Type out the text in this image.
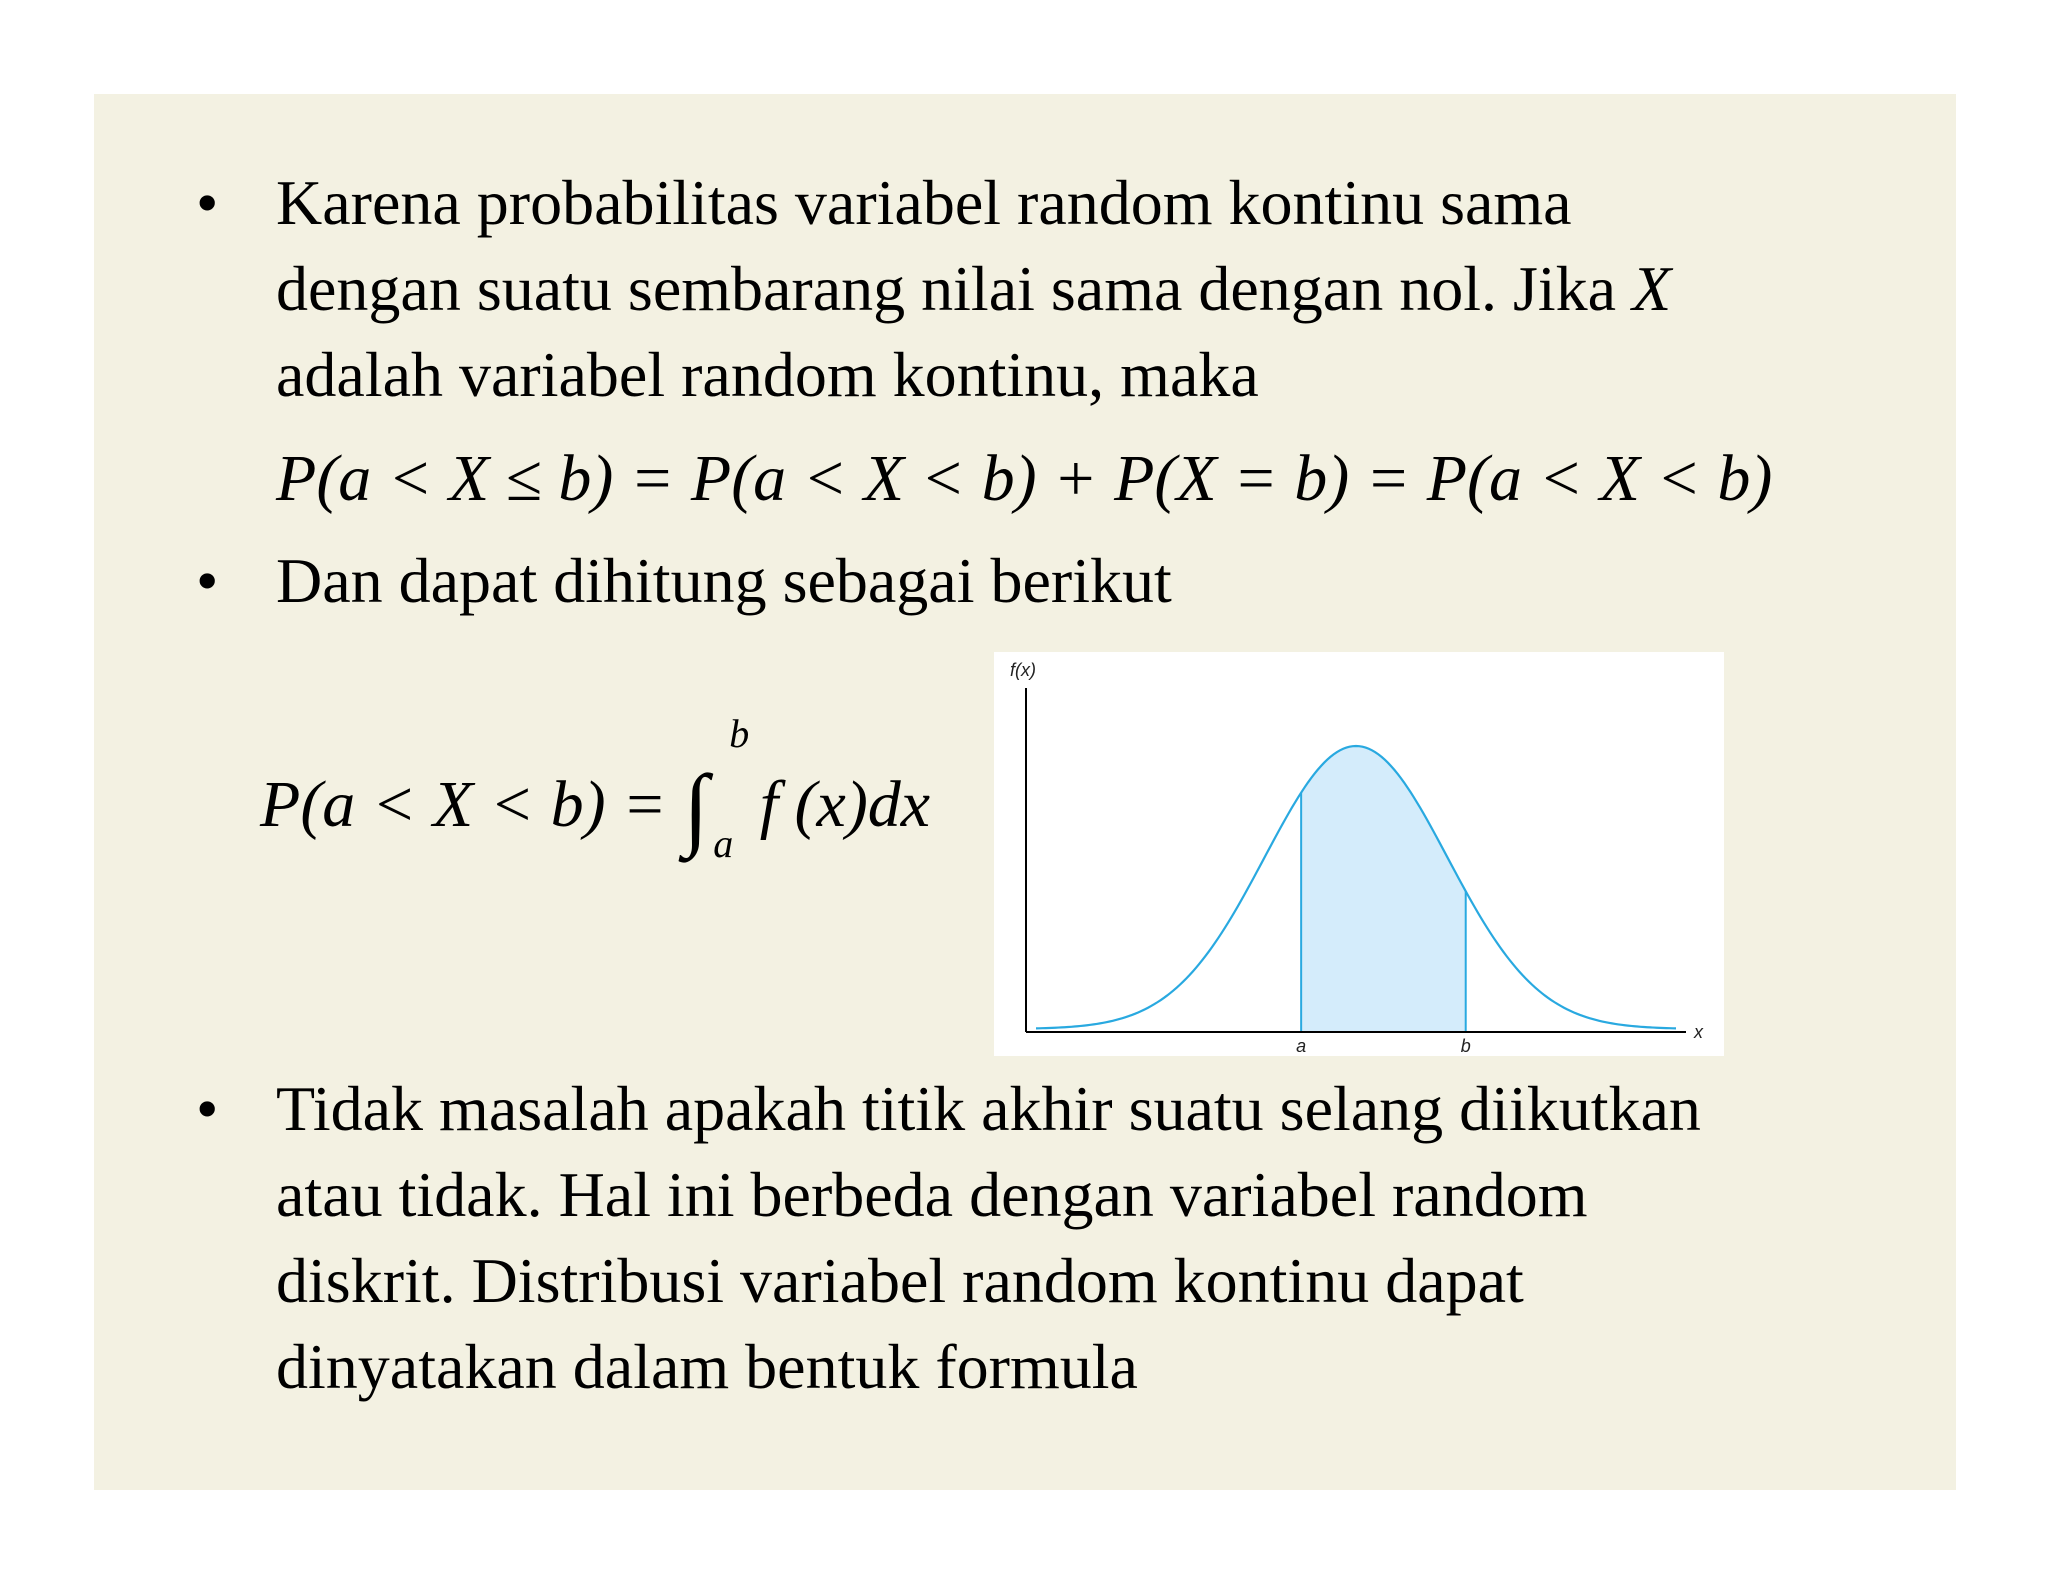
• Karena probabilitas variabel random kontinu sama
dengan suatu sembarang nilai sama dengan nol. Jika X
adalah variabel random kontinu, maka
P(a < X ≤ b) = P(a < X < b) + P(X = b) = P(a < X < b)
• Dan dapat dihitung sebagai berikut
P(a < X < b) = ∫
b
a
f (x)dx
f(x)
x
a	b
• Tidak masalah apakah titik akhir suatu selang diikutkan
atau tidak. Hal ini berbeda dengan variabel random
diskrit. Distribusi variabel random kontinu dapat
dinyatakan dalam bentuk formula
